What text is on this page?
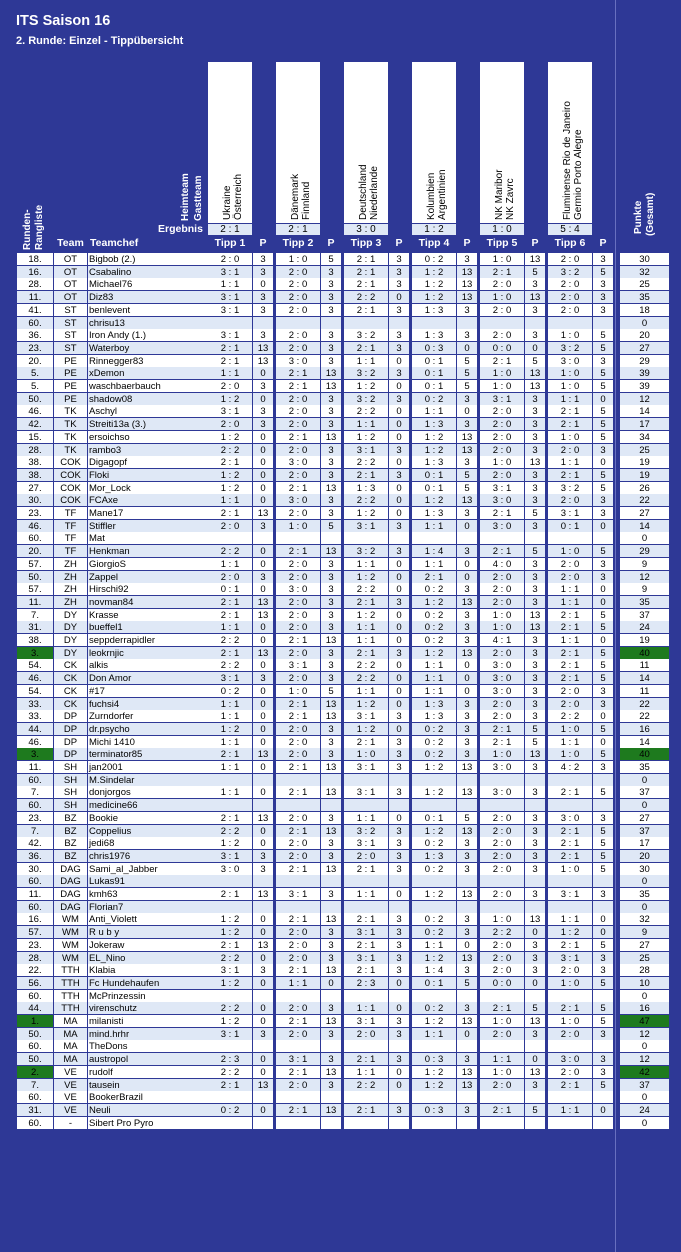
ITS Saison 16
2. Runde: Einzel - Tippübersicht
Ukraine Österreich
2 : 1
Tipp 1	P
Dänemark Finnland
2 : 1
Tipp 2	P
Deutschland Niederlande
3 : 0
Tipp 3	P
Kolumbien Argentinien
1 : 2
Tipp 4	P
NK Maribor NK Zavrc
1 : 0
Tipp 5	P
Fluminense Rio de Janeiro Germio Porto Alegre
5 : 4
Tipp 6	P
Heimteam Gastteam
Ergebnis
Runden- Rangliste	Team Teamchef
Punkte (Gesamt)
18.	OT	Bigbob (2.)	2 : 0	3	1 : 0	5	2 : 1	3	0 : 2	3	1 : 0	13	2 : 0	3	30
16.	OT	Csabalino	3 : 1	3	2 : 0	3	2 : 1	3	1 : 2	13	2 : 1	5	3 : 2	5	32
28.	OT	Michael76	1 : 1	0	2 : 0	3	2 : 1	3	1 : 2	13	2 : 0	3	2 : 0	3	25
11.	OT	Diz83	3 : 1	3	2 : 0	3	2 : 2	0	1 : 2	13	1 : 0	13	2 : 0	3	35
41.	ST	benlevent	3 : 1	3	2 : 0	3	2 : 1	3	1 : 3	3	2 : 0	3	2 : 0	3	18
60.	ST	chrisu13	0
36.	ST	Iron Andy (1.)	3 : 1	3	2 : 0	3	3 : 2	3	1 : 3	3	2 : 0	3	1 : 0	5	20
23.	ST	Waterboy	2 : 1	13	2 : 0	3	2 : 1	3	0 : 3	0	0 : 0	0	3 : 2	5	27
20.	PE	Rinnegger83	2 : 1	13	3 : 0	3	1 : 1	0	0 : 1	5	2 : 1	5	3 : 0	3	29
5.	PE	xDemon	1 : 1	0	2 : 1	13	3 : 2	3	0 : 1	5	1 : 0	13	1 : 0	5	39
5.	PE	waschbaerbauch	2 : 0	3	2 : 1	13	1 : 2	0	0 : 1	5	1 : 0	13	1 : 0	5	39
50.	PE	shadow08	1 : 2	0	2 : 0	3	3 : 2	3	0 : 2	3	3 : 1	3	1 : 1	0	12
46.	TK	Aschyl	3 : 1	3	2 : 0	3	2 : 2	0	1 : 1	0	2 : 0	3	2 : 1	5	14
42.	TK	Streiti13a (3.)	2 : 0	3	2 : 0	3	1 : 1	0	1 : 3	3	2 : 0	3	2 : 1	5	17
15.	TK	ersoichso	1 : 2	0	2 : 1	13	1 : 2	0	1 : 2	13	2 : 0	3	1 : 0	5	34
28.	TK	rambo3	2 : 2	0	2 : 0	3	3 : 1	3	1 : 2	13	2 : 0	3	2 : 0	3	25
38.	COK Digagopf	2 : 1	0	3 : 0	3	2 : 2	0	1 : 3	3	1 : 0	13	1 : 1	0	19
38.	COK Floki	1 : 2	0	2 : 0	3	2 : 1	3	0 : 1	5	2 : 0	3	2 : 1	5	19
27.	COK Mor_Lock	1 : 2	0	2 : 1	13	1 : 3	0	0 : 1	5	3 : 1	3	3 : 2	5	26
30.	COK FCAxe	1 : 1	0	3 : 0	3	2 : 2	0	1 : 2	13	3 : 0	3	2 : 0	3	22
23.	TF	Mane17	2 : 1	13	2 : 0	3	1 : 2	0	1 : 3	3	2 : 1	5	3 : 1	3	27
46.	TF	Stiffler	2 : 0	3	1 : 0	5	3 : 1	3	1 : 1	0	3 : 0	3	0 : 1	0	14
60.	TF	Mat	0
20.	TF	Henkman	2 : 2	0	2 : 1	13	3 : 2	3	1 : 4	3	2 : 1	5	1 : 0	5	29
57.	ZH	GiorgioS	1 : 1	0	2 : 0	3	1 : 1	0	1 : 1	0	4 : 0	3	2 : 0	3	9
50.	ZH	Zappel	2 : 0	3	2 : 0	3	1 : 2	0	2 : 1	0	2 : 0	3	2 : 0	3	12
57.	ZH	Hirschi92	0 : 1	0	3 : 0	3	2 : 2	0	0 : 2	3	2 : 0	3	1 : 1	0	9
11.	ZH	novman84	2 : 1	13	2 : 0	3	2 : 1	3	1 : 2	13	2 : 0	3	1 : 1	0	35
7.	DY	Krasse	2 : 1	13	2 : 0	3	1 : 2	0	0 : 2	3	1 : 0	13	2 : 1	5	37
31.	DY	bueffel1	1 : 1	0	2 : 0	3	1 : 1	0	0 : 2	3	1 : 0	13	2 : 1	5	24
38.	DY	seppderrapidler	2 : 2	0	2 : 1	13	1 : 1	0	0 : 2	3	4 : 1	3	1 : 1	0	19
3.	DY	leokrnjic	2 : 1	13	2 : 0	3	2 : 1	3	1 : 2	13	2 : 0	3	2 : 1	5	40
54.	CK	alkis	2 : 2	0	3 : 1	3	2 : 2	0	1 : 1	0	3 : 0	3	2 : 1	5	11
46.	CK	Don Amor	3 : 1	3	2 : 0	3	2 : 2	0	1 : 1	0	3 : 0	3	2 : 1	5	14
54.	CK	#17	0 : 2	0	1 : 0	5	1 : 1	0	1 : 1	0	3 : 0	3	2 : 0	3	11
33.	CK	fuchsi4	1 : 1	0	2 : 1	13	1 : 2	0	1 : 3	3	2 : 0	3	2 : 0	3	22
33.	DP	Zurndorfer	1 : 1	0	2 : 1	13	3 : 1	3	1 : 3	3	2 : 0	3	2 : 2	0	22
44.	DP	dr.psycho	1 : 2	0	2 : 0	3	1 : 2	0	0 : 2	3	2 : 1	5	1 : 0	5	16
46.	DP	Michi 1410	1 : 1	0	2 : 0	3	2 : 1	3	0 : 2	3	2 : 1	5	1 : 1	0	14
3.	DP	terminator85	2 : 1	13	2 : 0	3	1 : 0	3	0 : 2	3	1 : 0	13	1 : 0	5	40
11.	SH	jan2001	1 : 1	0	2 : 1	13	3 : 1	3	1 : 2	13	3 : 0	3	4 : 2	3	35
60.	SH	M.Sindelar	0
7.	SH	donjorgos	1 : 1	0	2 : 1	13	3 : 1	3	1 : 2	13	3 : 0	3	2 : 1	5	37
60.	SH	medicine66	0
23.	BZ	Bookie	2 : 1	13	2 : 0	3	1 : 1	0	0 : 1	5	2 : 0	3	3 : 0	3	27
7.	BZ	Coppelius	2 : 2	0	2 : 1	13	3 : 2	3	1 : 2	13	2 : 0	3	2 : 1	5	37
42.	BZ	jedi68	1 : 2	0	2 : 0	3	3 : 1	3	0 : 2	3	2 : 0	3	2 : 1	5	17
36.	BZ	chris1976	3 : 1	3	2 : 0	3	2 : 0	3	1 : 3	3	2 : 0	3	2 : 1	5	20
30.	DAG Sami_al_Jabber	3 : 0	3	2 : 1	13	2 : 1	3	0 : 2	3	2 : 0	3	1 : 0	5	30
60.	DAG Lukas91	0
11.	DAG kmh63	2 : 1	13	3 : 1	3	1 : 1	0	1 : 2	13	2 : 0	3	3 : 1	3	35
60.	DAG Florian7	0
16.	WM	Anti_Violett	1 : 2	0	2 : 1	13	2 : 1	3	0 : 2	3	1 : 0	13	1 : 1	0	32
57.	WM	R u b y	1 : 2	0	2 : 0	3	3 : 1	3	0 : 2	3	2 : 2	0	1 : 2	0	9
23.	WM	Jokeraw	2 : 1	13	2 : 0	3	2 : 1	3	1 : 1	0	2 : 0	3	2 : 1	5	27
28.	WM	EL_Nino	2 : 2	0	2 : 0	3	3 : 1	3	1 : 2	13	2 : 0	3	3 : 1	3	25
22.	TTH Klabia	3 : 1	3	2 : 1	13	2 : 1	3	1 : 4	3	2 : 0	3	2 : 0	3	28
56.	TTH Fc Hundehaufen	1 : 2	0	1 : 1	0	2 : 3	0	0 : 1	5	0 : 0	0	1 : 0	5	10
60.	TTH McPrinzessin	0
44.	TTH virenschutz	2 : 2	0	2 : 0	3	1 : 1	0	0 : 2	3	2 : 1	5	2 : 1	5	16
1.	MA	milanisti	1 : 2	0	2 : 1	13	3 : 1	3	1 : 2	13	1 : 0	13	1 : 0	5	47
50.	MA	mind.hrhr	3 : 1	3	2 : 0	3	2 : 0	3	1 : 1	0	2 : 0	3	2 : 0	3	12
60.	MA	TheDons	0
50.	MA	austropol	2 : 3	0	3 : 1	3	2 : 1	3	0 : 3	3	1 : 1	0	3 : 0	3	12
2.	VE	rudolf	2 : 2	0	2 : 1	13	1 : 1	0	1 : 2	13	1 : 0	13	2 : 0	3	42
7.	VE	tausein	2 : 1	13	2 : 0	3	2 : 2	0	1 : 2	13	2 : 0	3	2 : 1	5	37
60.	VE	BookerBrazil	0
31.	VE	Neuli	0 : 2	0	2 : 1	13	2 : 1	3	0 : 3	3	2 : 1	5	1 : 1	0	24
60.	-	Sibert Pro Pyro	0
